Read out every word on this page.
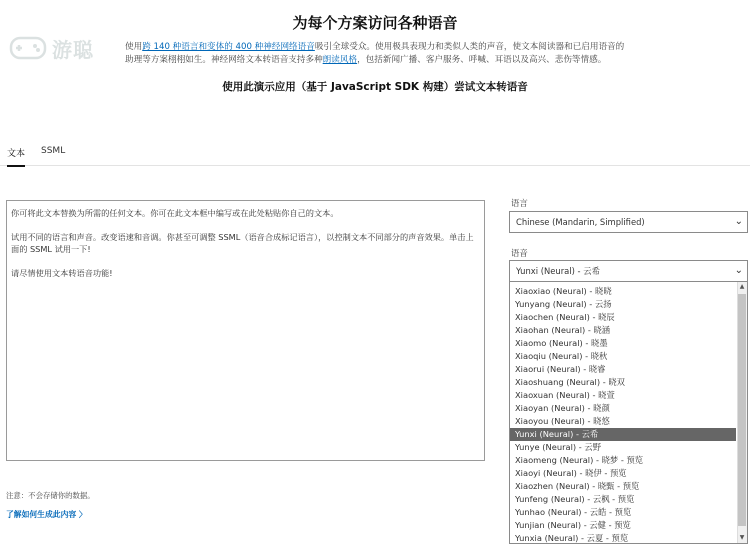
游聪
为每个方案访问各种语音

使用跨 140 种语言和变体的 400 种神经网络语音吸引全球受众。使用极具表现力和类似人类的声音，使文本阅读器和已启用语音的助理等方案栩栩如生。神经网络文本转语音支持多种朗读风格，包括新闻广播、客户服务、呼喊、耳语以及高兴、悲伤等情感。

使用此演示应用（基于 JavaScript SDK 构建）尝试文本转语音

文本 SSML
你可将此文本替换为所需的任何文本。你可在此文本框中编写或在此处粘贴你自己的文本。

试用不同的语言和声音。改变语速和音调。你甚至可调整 SSML（语音合成标记语言），以控制文本不同部分的声音效果。单击上面的 SSML 试用一下!

请尽情使用文本转语音功能!
注意：不会存储你的数据。
了解如何生成此内容 〉
语言
Chinese (Mandarin, Simplified)	⌄
语音
Yunxi (Neural) - 云希	⌄
Xiaoxiao (Neural) - 晓晓
Yunyang (Neural) - 云扬
Xiaochen (Neural) - 晓辰
Xiaohan (Neural) - 晓涵
Xiaomo (Neural) - 晓墨
Xiaoqiu (Neural) - 晓秋
Xiaorui (Neural) - 晓睿
Xiaoshuang (Neural) - 晓双
Xiaoxuan (Neural) - 晓萱
Xiaoyan (Neural) - 晓颜
Xiaoyou (Neural) - 晓悠
Yunxi (Neural) - 云希
Yunye (Neural) - 云野
Xiaomeng (Neural) - 晓梦 - 预览
Xiaoyi (Neural) - 晓伊 - 预览
Xiaozhen (Neural) - 晓甄 - 预览
Yunfeng (Neural) - 云枫 - 预览
Yunhao (Neural) - 云皓 - 预览
Yunjian (Neural) - 云健 - 预览
Yunxia (Neural) - 云夏 - 预览
▲
▼
